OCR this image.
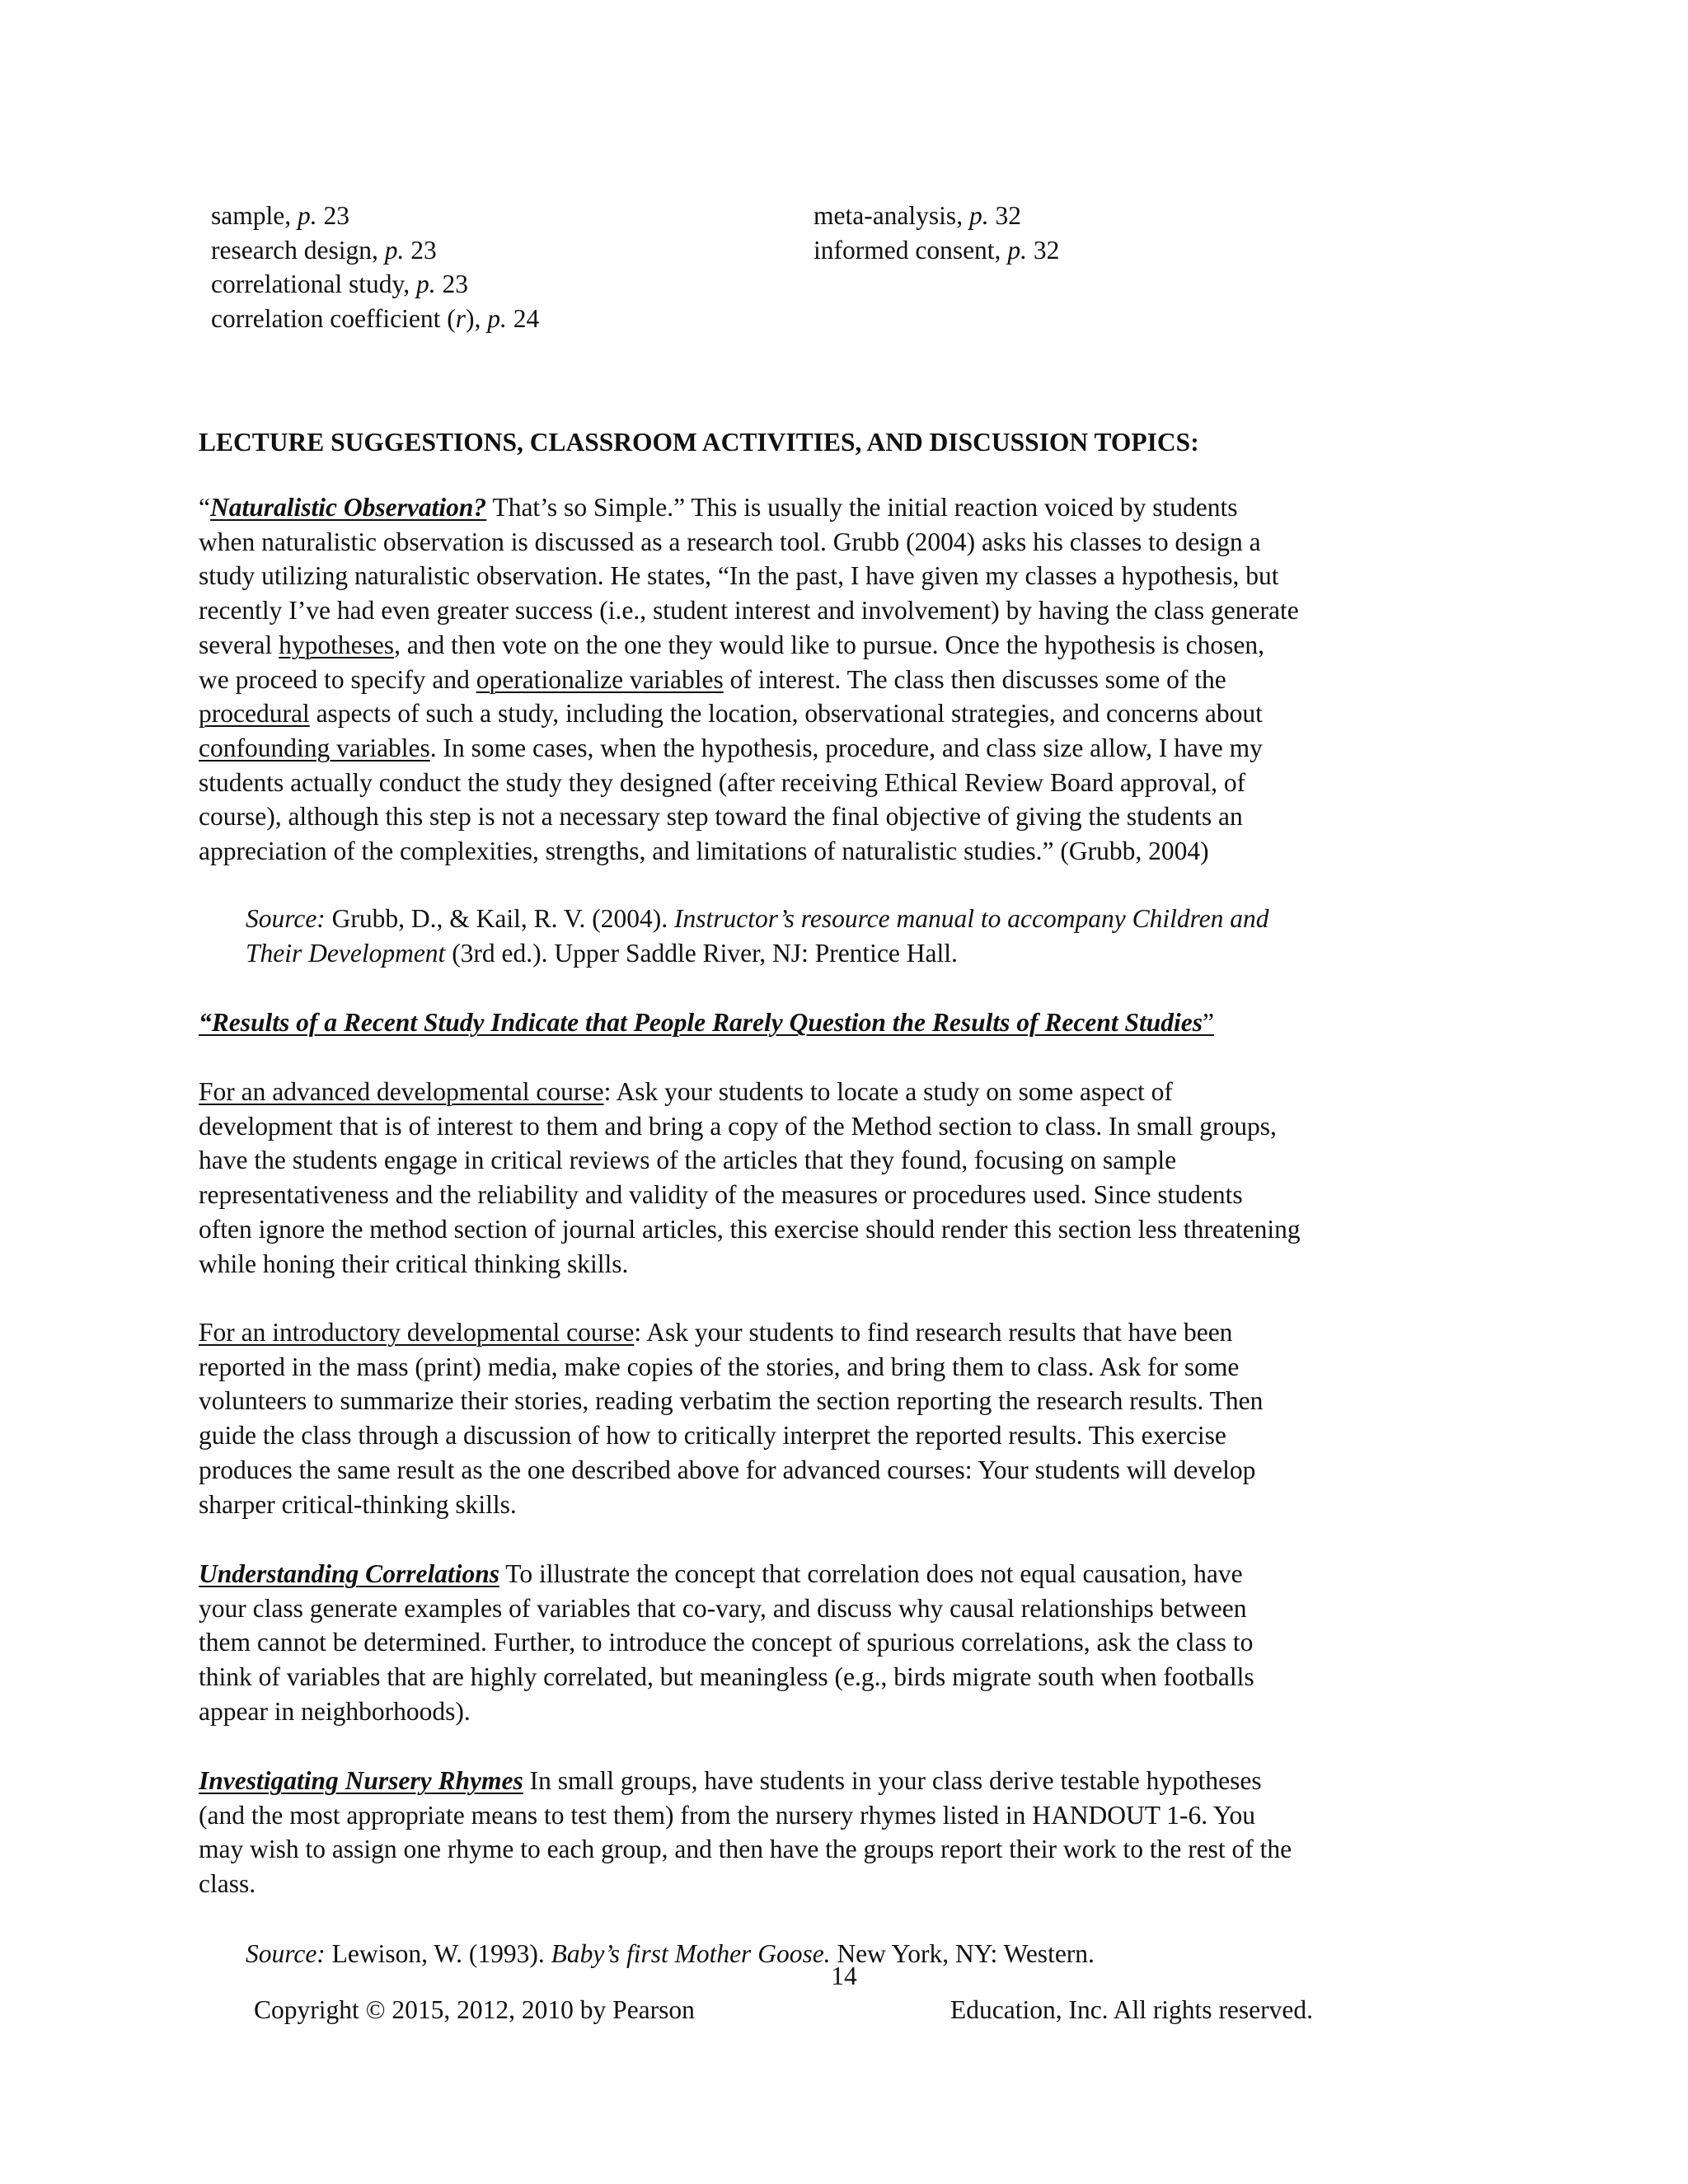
sample, p. 23
research design, p. 23
correlational study, p. 23
correlation coefficient (r), p. 24
meta-analysis, p. 32
informed consent, p. 32
LECTURE SUGGESTIONS, CLASSROOM ACTIVITIES, AND DISCUSSION TOPICS:
“Naturalistic Observation? That’s so Simple.” This is usually the initial reaction voiced by students
when naturalistic observation is discussed as a research tool. Grubb (2004) asks his classes to design a
study utilizing naturalistic observation. He states, “In the past, I have given my classes a hypothesis, but
recently I’ve had even greater success (i.e., student interest and involvement) by having the class generate
several hypotheses, and then vote on the one they would like to pursue. Once the hypothesis is chosen,
we proceed to specify and operationalize variables of interest. The class then discusses some of the
procedural aspects of such a study, including the location, observational strategies, and concerns about
confounding variables. In some cases, when the hypothesis, procedure, and class size allow, I have my
students actually conduct the study they designed (after receiving Ethical Review Board approval, of
course), although this step is not a necessary step toward the final objective of giving the students an
appreciation of the complexities, strengths, and limitations of naturalistic studies.” (Grubb, 2004)
Source: Grubb, D., & Kail, R. V. (2004). Instructor’s resource manual to accompany Children and
Their Development (3rd ed.). Upper Saddle River, NJ: Prentice Hall.
“Results of a Recent Study Indicate that People Rarely Question the Results of Recent Studies”
For an advanced developmental course: Ask your students to locate a study on some aspect of
development that is of interest to them and bring a copy of the Method section to class. In small groups,
have the students engage in critical reviews of the articles that they found, focusing on sample
representativeness and the reliability and validity of the measures or procedures used. Since students
often ignore the method section of journal articles, this exercise should render this section less threatening
while honing their critical thinking skills.
For an introductory developmental course: Ask your students to find research results that have been
reported in the mass (print) media, make copies of the stories, and bring them to class. Ask for some
volunteers to summarize their stories, reading verbatim the section reporting the research results. Then
guide the class through a discussion of how to critically interpret the reported results. This exercise
produces the same result as the one described above for advanced courses: Your students will develop
sharper critical-thinking skills.
Understanding Correlations To illustrate the concept that correlation does not equal causation, have
your class generate examples of variables that co-vary, and discuss why causal relationships between
them cannot be determined. Further, to introduce the concept of spurious correlations, ask the class to
think of variables that are highly correlated, but meaningless (e.g., birds migrate south when footballs
appear in neighborhoods).
Investigating Nursery Rhymes In small groups, have students in your class derive testable hypotheses
(and the most appropriate means to test them) from the nursery rhymes listed in HANDOUT 1-6. You
may wish to assign one rhyme to each group, and then have the groups report their work to the rest of the
class.
Source: Lewison, W. (1993). Baby’s first Mother Goose. New York, NY: Western.
14
Copyright © 2015, 2012, 2010 by Pearson	Education, Inc. All rights reserved.
